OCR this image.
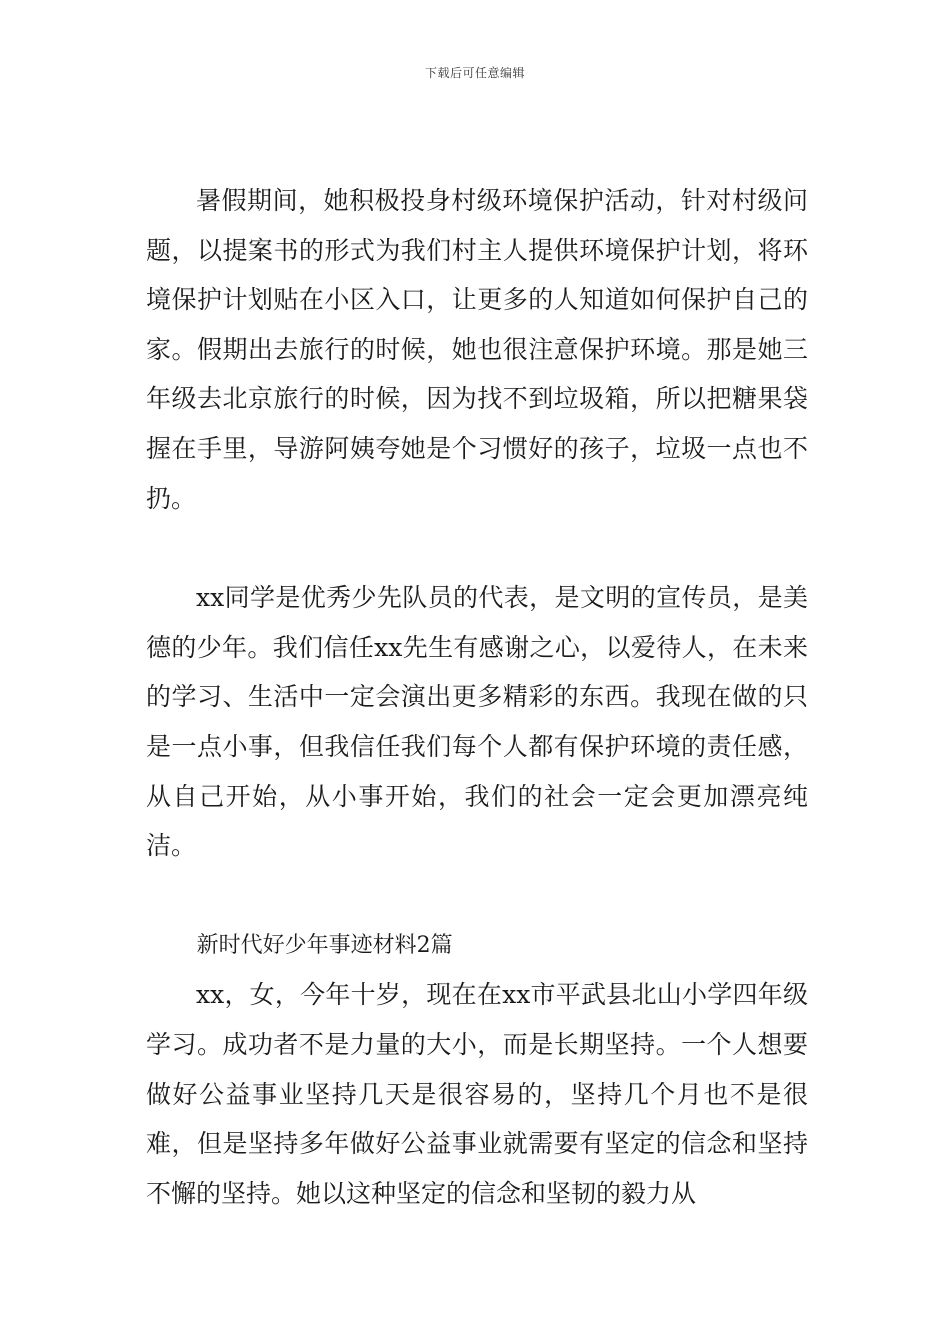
下载后可任意编辑

暑假期间，她积极投身村级环境保护活动，针对村级问题，以提案书的形式为我们村主人提供环境保护计划，将环境保护计划贴在小区入口，让更多的人知道如何保护自己的家。假期出去旅行的时候，她也很注意保护环境。那是她三年级去北京旅行的时候，因为找不到垃圾箱，所以把糖果袋握在手里，导游阿姨夸她是个习惯好的孩子，垃圾一点也不扔。

xx同学是优秀少先队员的代表，是文明的宣传员，是美德的少年。我们信任xx先生有感谢之心，以爱待人，在未来的学习、生活中一定会演出更多精彩的东西。我现在做的只是一点小事，但我信任我们每个人都有保护环境的责任感，从自己开始，从小事开始，我们的社会一定会更加漂亮纯洁。

新时代好少年事迹材料2篇

xx，女，今年十岁，现在在xx市平武县北山小学四年级学习。成功者不是力量的大小，而是长期坚持。一个人想要做好公益事业坚持几天是很容易的，坚持几个月也不是很难，但是坚持多年做好公益事业就需要有坚定的信念和坚持不懈的坚持。她以这种坚定的信念和坚韧的毅力从
